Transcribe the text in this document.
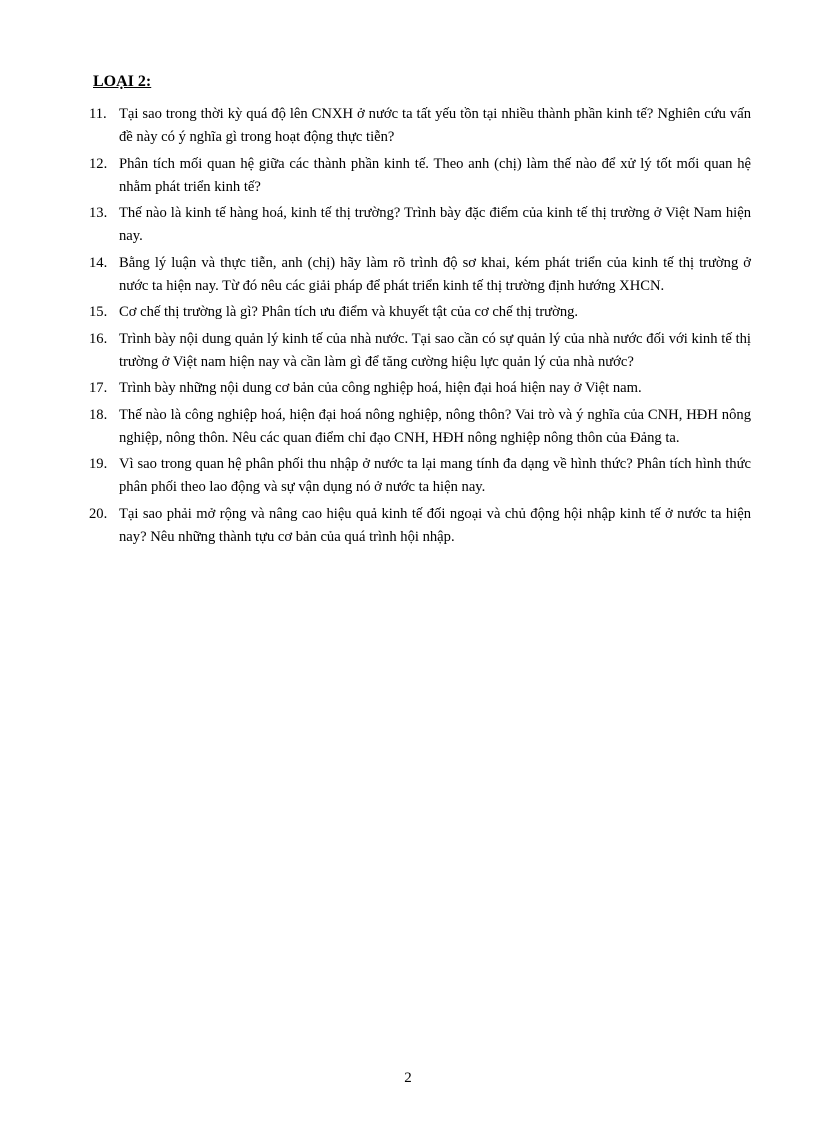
LOẠI 2:
11. Tại sao trong thời kỳ quá độ lên CNXH ở nước ta tất yếu tồn tại nhiều thành phần kinh tế? Nghiên cứu vấn đề này có ý nghĩa gì trong hoạt động thực tiễn?
12. Phân tích mối quan hệ giữa các thành phần kinh tế. Theo anh (chị) làm thế nào để xử lý tốt mối quan hệ nhằm phát triển kinh tế?
13. Thế nào là kinh tế hàng hoá, kinh tế thị trường? Trình bày đặc điểm của kinh tế thị trường ở Việt Nam hiện nay.
14. Bằng lý luận và thực tiễn, anh (chị) hãy làm rõ trình độ sơ khai, kém phát triển của kinh tế thị trường ở nước ta hiện nay. Từ đó nêu các giải pháp để phát triển kinh tế thị trường định hướng XHCN.
15. Cơ chế thị trường là gì? Phân tích ưu điểm và khuyết tật của cơ chế thị trường.
16. Trình bày nội dung quản lý kinh tế của nhà nước. Tại sao cần có sự quản lý của nhà nước đối với kinh tế thị trường ở Việt nam hiện nay và cần làm gì để tăng cường hiệu lực quản lý của nhà nước?
17. Trình bày những nội dung cơ bản của công nghiệp hoá, hiện đại hoá hiện nay ở Việt nam.
18. Thế nào là công nghiệp hoá, hiện đại hoá nông nghiệp, nông thôn? Vai trò và ý nghĩa của CNH, HĐH nông nghiệp, nông thôn. Nêu các quan điểm chỉ đạo CNH, HĐH nông nghiệp nông thôn của Đảng ta.
19. Vì sao trong quan hệ phân phối thu nhập ở nước ta lại mang tính đa dạng về hình thức? Phân tích hình thức phân phối theo lao động và sự vận dụng nó ở nước ta hiện nay.
20. Tại sao phải mở rộng và nâng cao hiệu quả kinh tế đối ngoại và chủ động hội nhập kinh tế ở nước ta hiện nay? Nêu những thành tựu cơ bản của quá trình hội nhập.
2
